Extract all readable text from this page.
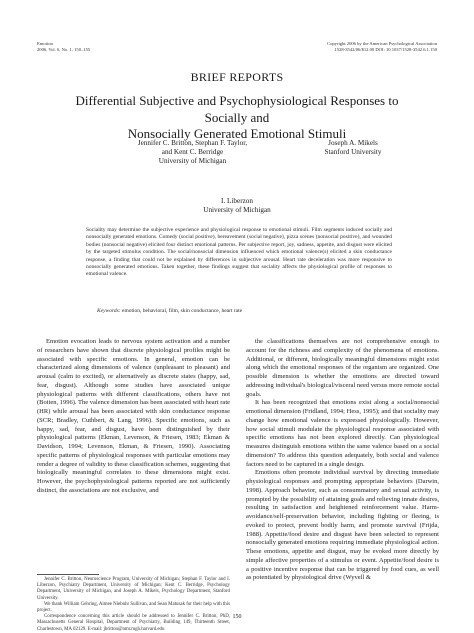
Emotion
2006, Vol. 6, No. 1, 150–155
Copyright 2006 by the American Psychological Association
1528-3542/06/$12.00 DOI: 10.1037/1528-3542.6.1.150
BRIEF REPORTS
Differential Subjective and Psychophysiological Responses to Socially and
Nonsocially Generated Emotional Stimuli
Jennifer C. Britton, Stephan F. Taylor,
and Kent C. Berridge
University of Michigan
Joseph A. Mikels
Stanford University
I. Liberzon
University of Michigan
Sociality may determine the subjective experience and physiological response to emotional stimuli. Film segments induced socially and nonsocially generated emotions. Comedy (social positive), bereavement (social negative), pizza scenes (nonsocial positive), and wounded bodies (nonsocial negative) elicited four distinct emotional patterns. Per subjective report, joy, sadness, appetite, and disgust were elicited by the targeted stimulus condition. The social/nonsocial dimension influenced which emotional valence(s) elicited a skin conductance response, a finding that could not be explained by differences in subjective arousal. Heart rate deceleration was more responsive to nonsocially generated emotions. Taken together, these findings suggest that sociality affects the physiological profile of responses to emotional valence.
Keywords: emotion, behavioral, film, skin conductance, heart rate

Emotion evocation leads to nervous system activation and a number of researchers have shown that discrete physiological profiles might be associated with specific emotions. In general, emotion can be characterized along dimensions of valence (unpleasant to pleasant) and arousal (calm to excited), or alternatively as discrete states (happy, sad, fear, disgust). Although some studies have associated unique physiological patterns with different classifications, others have not (Boiten, 1996). The valence dimension has been associated with heart rate (HR) while arousal has been associated with skin conductance response (SCR; Bradley, Cuthbert, & Lang, 1996). Specific emotions, such as happy, sad, fear, and disgust, have been distinguished by their physiological patterns (Ekman, Levenson, & Friesen, 1983; Ekman & Davidson, 1994; Levenson, Ekman, & Friesen, 1990). Associating specific patterns of physiological responses with particular emotions may render a degree of validity to these classification schemes, suggesting that biologically meaningful correlates to these dimensions might exist. However, the psychophysiological patterns reported are not sufficiently distinct, the associations are not exclusive, and

the classifications themselves are not comprehensive enough to account for the richness and complexity of the phenomena of emotions. Additional, or different, biologically meaningful dimensions might exist along which the emotional responses of the organism are organized. One possible dimension is whether the emotions are directed toward addressing individual's biological/visceral need versus more remote social goals.

It has been recognized that emotions exist along a social/nonsocial emotional dimension (Fridland, 1994; Hess, 1995); and that sociality may change how emotional valence is expressed physiologically. However, how social stimuli modulate the physiological response associated with specific emotions has not been explored directly. Can physiological measures distinguish emotions within the same valence based on a social dimension? To address this question adequately, both social and valence factors need to be captured in a single design.

Emotions often promote individual survival by directing immediate physiological responses and prompting appropriate behaviors (Darwin, 1998). Approach behavior, such as consummatory and sexual activity, is prompted by the possibility of attaining goals and relieving innate desires, resulting in satisfaction and heightened reinforcement value. Harm-avoidance/self-preservation behavior, including fighting or fleeing, is evoked to protect, prevent bodily harm, and promote survival (Frijda, 1988). Appetite/food desire and disgust have been selected to represent nonsocially generated emotions requiring immediate physiological action. These emotions, appetite and disgust, may be evoked more directly by simple affective properties of a stimulus or event. Appetite/food desire is a positive incentive response that can be triggered by food cues, as well as potentiated by physiological drive (Wyvell &

Jennifer C. Britton, Neuroscience Program, University of Michigan; Stephan F. Taylor and I. Liberzon, Psychiatry Department, University of Michigan; Kent C. Berridge, Psychology Department, University of Michigan, and Joseph A. Mikels, Psychology Department, Stanford University.

We thank William Gehring, Aimee Niebuhr Sullivan, and Sean Matusak for their help with this project.

Correspondence concerning this article should be addressed to Jennifer C. Britton, PhD, Massachusetts General Hospital, Department of Psychiatry, Building 149, Thirteenth Street, Charlestown, MA 02129. E-mail: jbritton@nmr.mgh.harvard.edu

150
